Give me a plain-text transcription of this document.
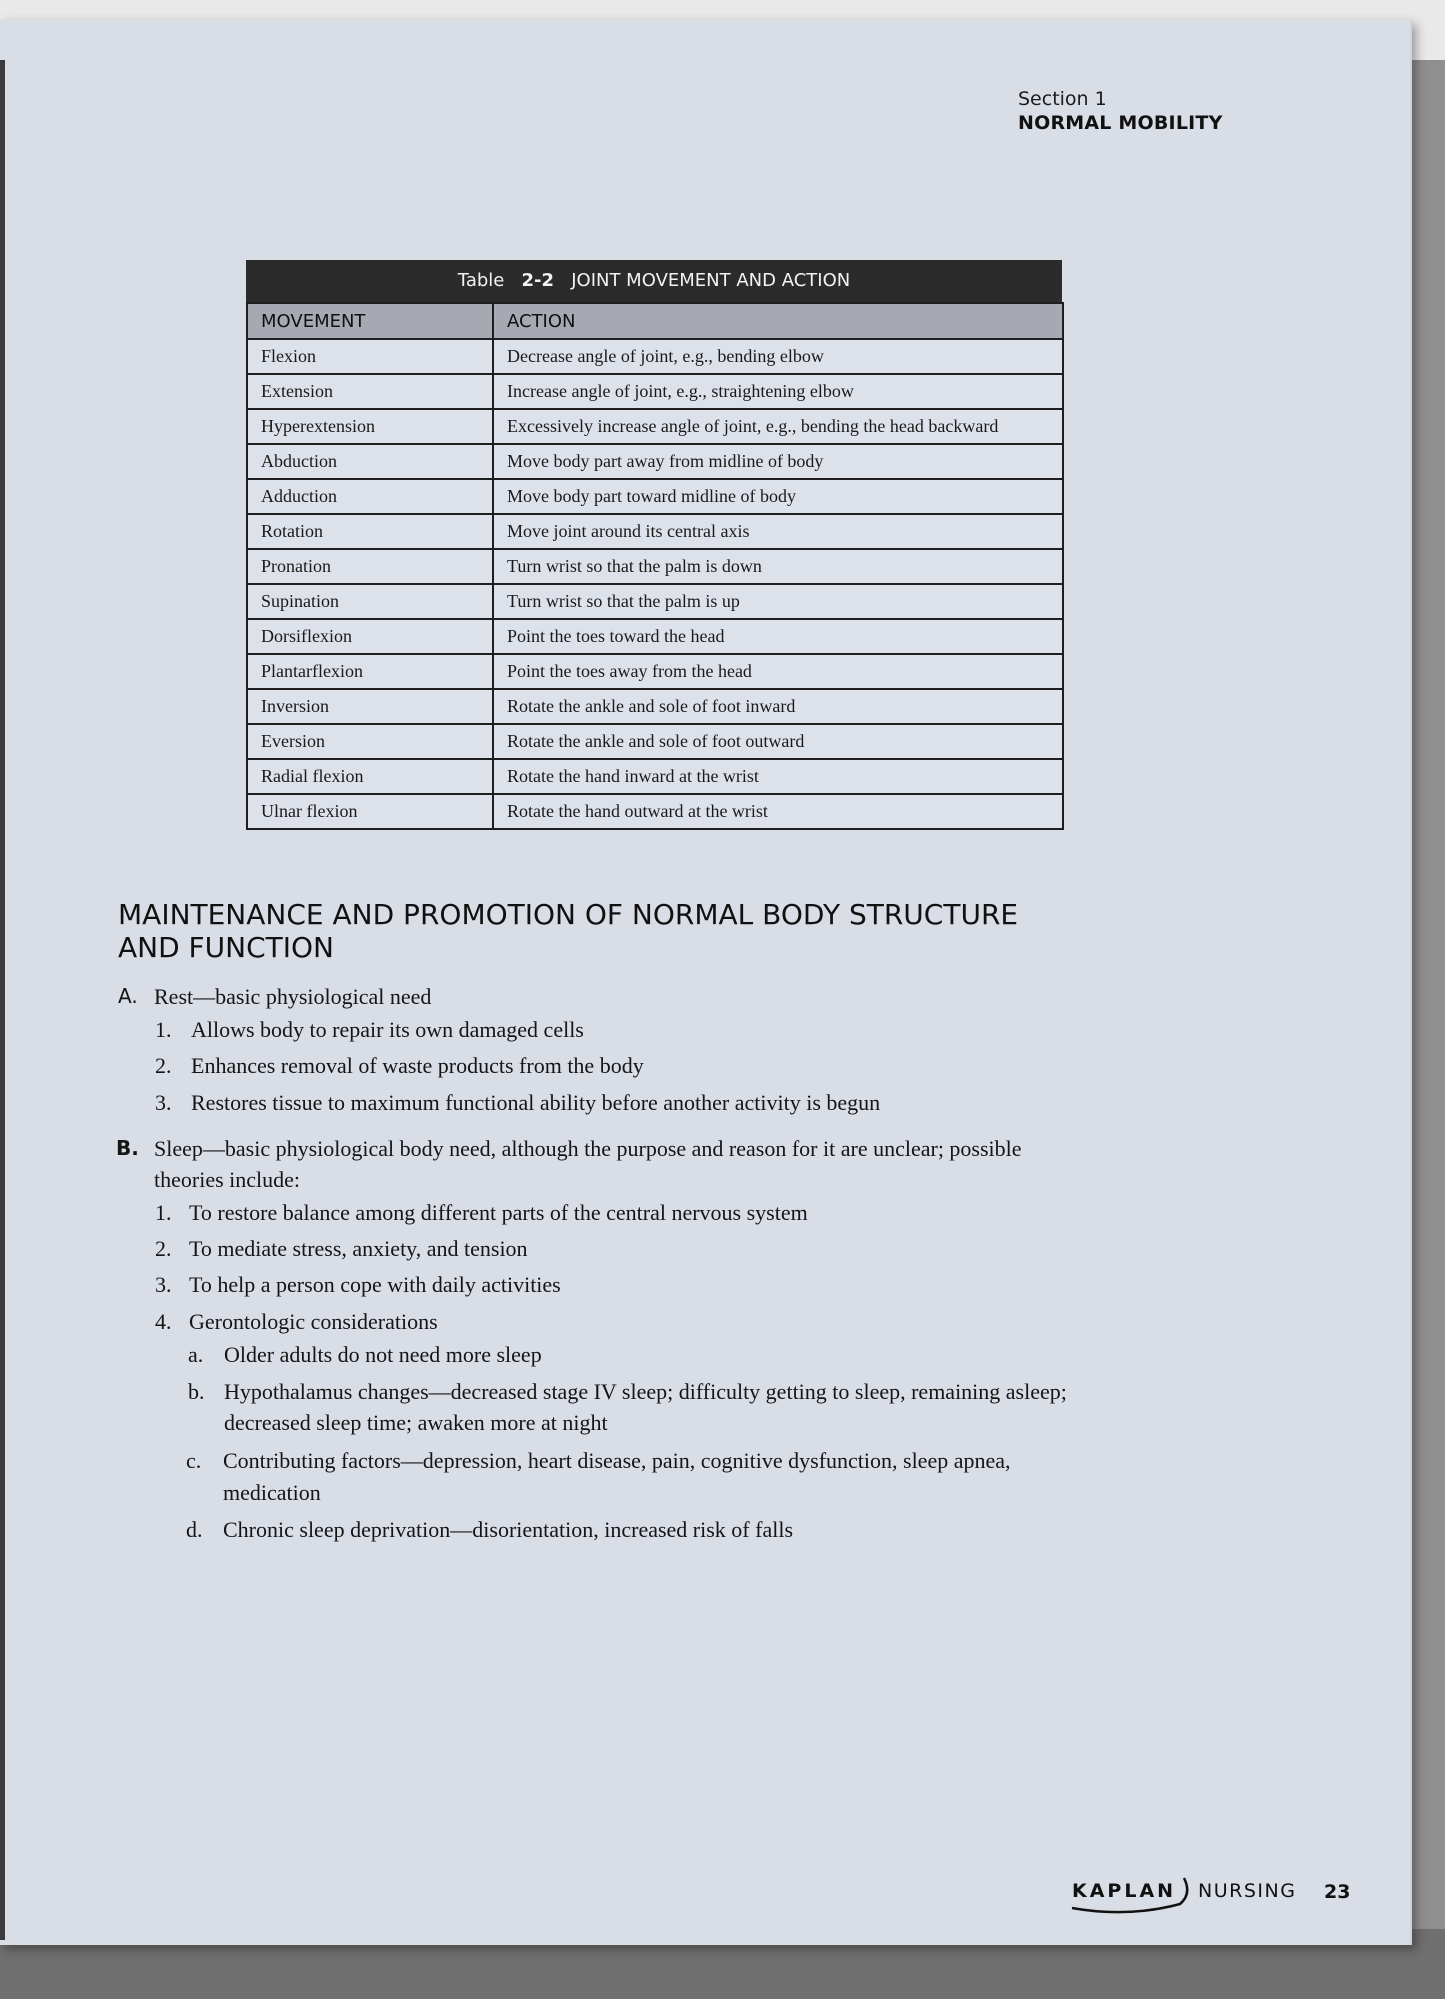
Section 1
NORMAL MOBILITY
Table 2-2 JOINT MOVEMENT AND ACTION
MOVEMENT	ACTION
Flexion	Decrease angle of joint, e.g., bending elbow
Extension	Increase angle of joint, e.g., straightening elbow
Hyperextension	Excessively increase angle of joint, e.g., bending the head backward
Abduction	Move body part away from midline of body
Adduction	Move body part toward midline of body
Rotation	Move joint around its central axis
Pronation	Turn wrist so that the palm is down
Supination	Turn wrist so that the palm is up
Dorsiflexion	Point the toes toward the head
Plantarflexion	Point the toes away from the head
Inversion	Rotate the ankle and sole of foot inward
Eversion	Rotate the ankle and sole of foot outward
Radial flexion	Rotate the hand inward at the wrist
Ulnar flexion	Rotate the hand outward at the wrist
MAINTENANCE AND PROMOTION OF NORMAL BODY STRUCTURE
AND FUNCTION
A. Rest—basic physiological need
1. Allows body to repair its own damaged cells
2. Enhances removal of waste products from the body
3. Restores tissue to maximum functional ability before another activity is begun
B. Sleep—basic physiological body need, although the purpose and reason for it are unclear; possible
theories include:
1. To restore balance among different parts of the central nervous system
2. To mediate stress, anxiety, and tension
3. To help a person cope with daily activities
4. Gerontologic considerations
a. Older adults do not need more sleep
b. Hypothalamus changes—decreased stage IV sleep; difficulty getting to sleep, remaining asleep;
decreased sleep time; awaken more at night
c. Contributing factors—depression, heart disease, pain, cognitive dysfunction, sleep apnea,
medication
d. Chronic sleep deprivation—disorientation, increased risk of falls
KAPLAN NURSING 23
